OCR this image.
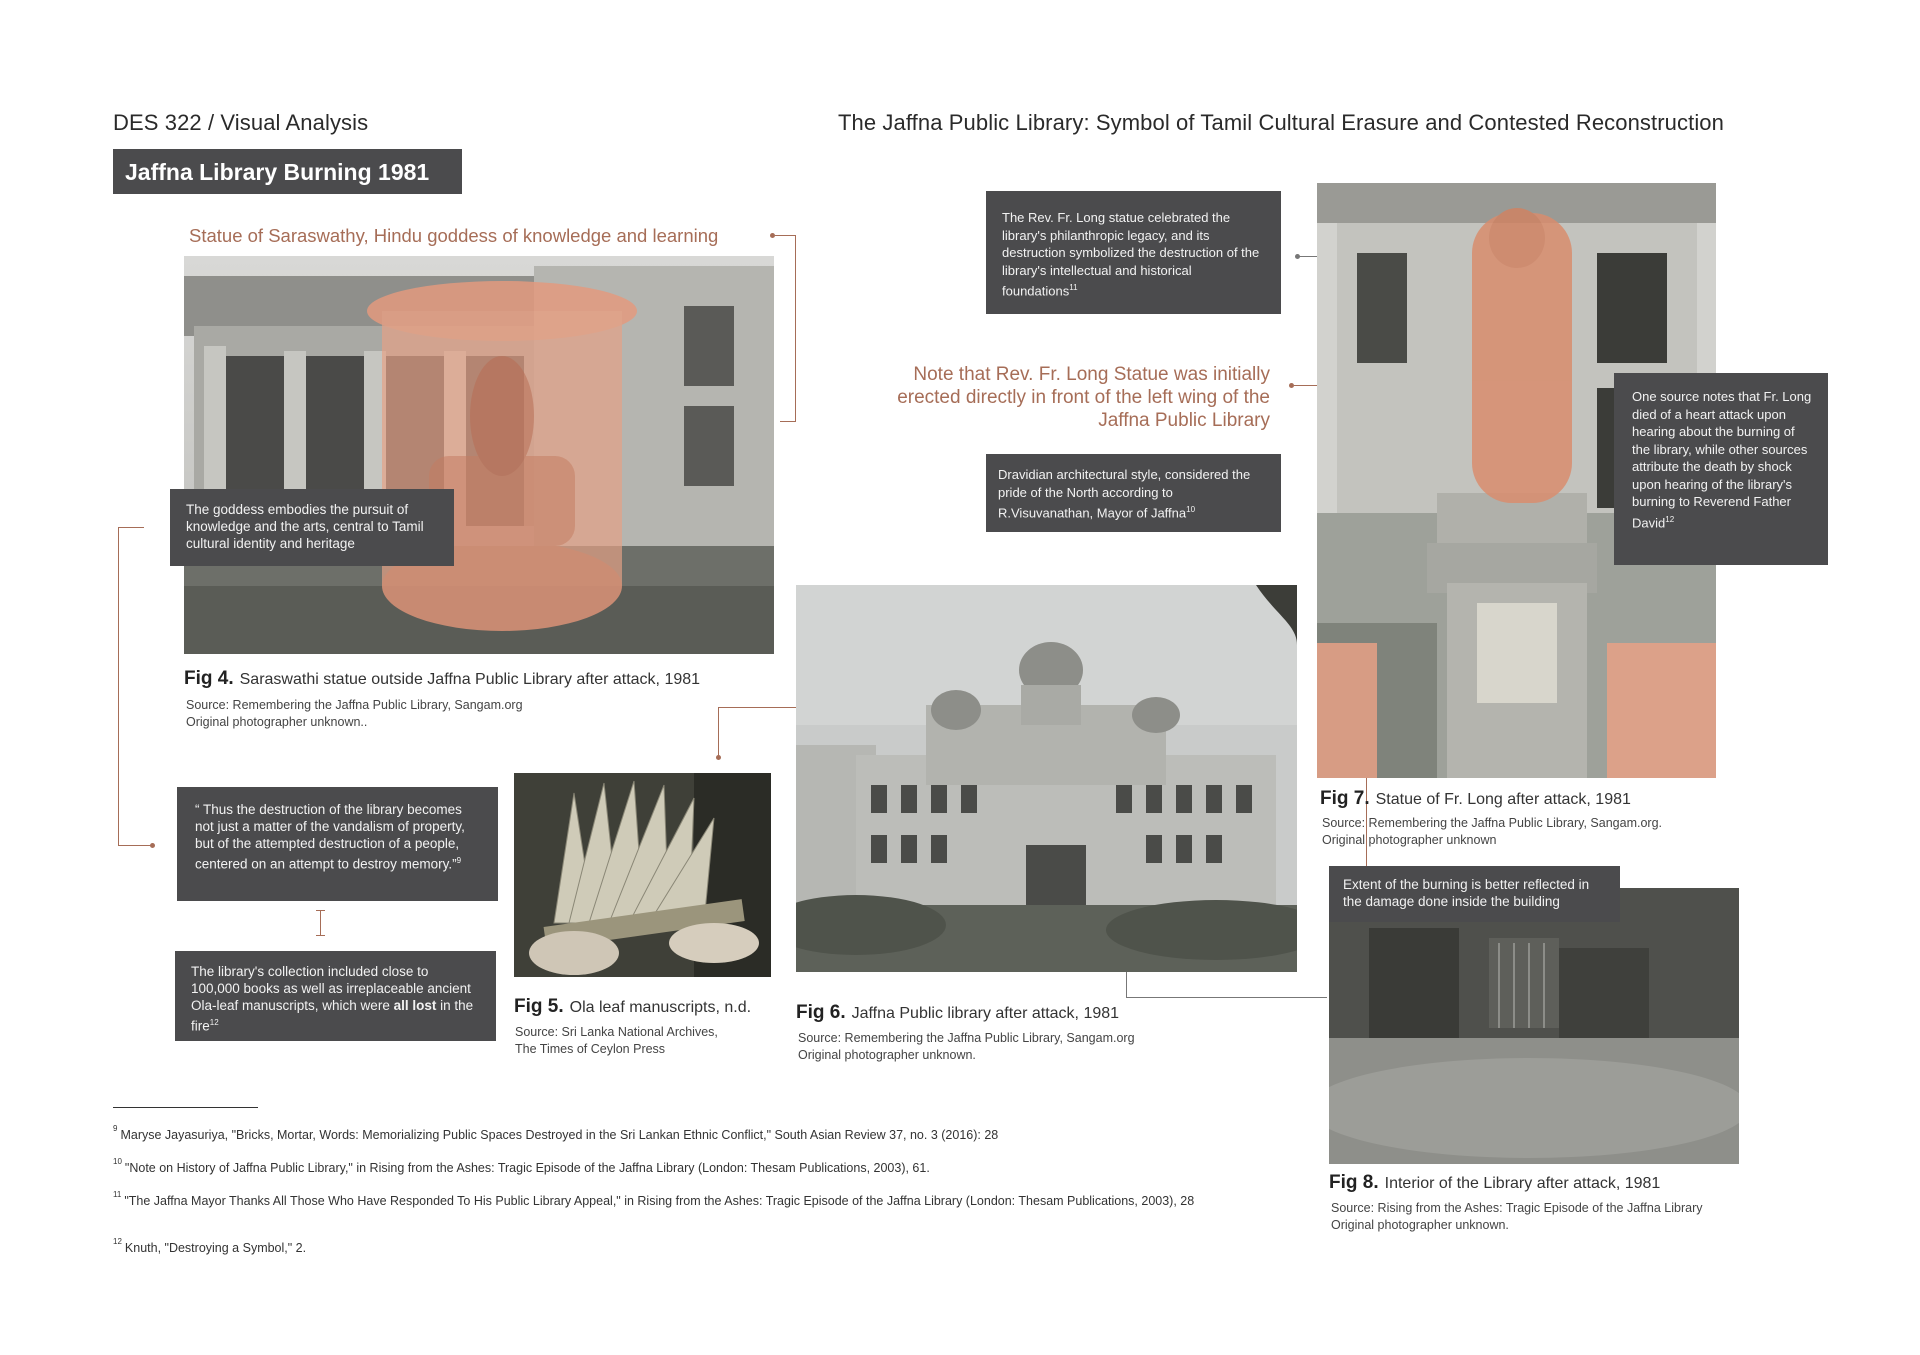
DES 322 / Visual Analysis	The Jaffna Public Library: Symbol of Tamil Cultural Erasure and Contested Reconstruction
Jaffna Library Burning 1981
Statue of Saraswathy, Hindu goddess of knowledge and learning
The goddess embodies the pursuit of knowledge and the arts, central to Tamil cultural identity and heritage
Fig 4. Saraswathi statue outside Jaffna Public Library after attack, 1981
Source: Remembering the Jaffna Public Library, Sangam.org
Original photographer unknown..
“ Thus the destruction of the library becomes not just a matter of the vandalism of property, but of the attempted destruction of a people, centered on an attempt to destroy memory.”$^9$
The library's collection included close to 100,000 books as well as irreplaceable ancient Ola-leaf manuscripts, which were all lost in the fire$^{12}$
Fig 5. Ola leaf manuscripts, n.d.
Source: Sri Lanka National Archives,
The Times of Ceylon Press
Fig 6. Jaffna Public library after attack, 1981
Source: Remembering the Jaffna Public Library, Sangam.org
Original photographer unknown.
The Rev. Fr. Long statue celebrated the library's philanthropic legacy, and its destruction symbolized the destruction of the library's intellectual and historical foundations$^{11}$
Note that Rev. Fr. Long Statue was initially erected directly in front of the left wing of the Jaffna Public Library
Dravidian architectural style, considered the pride of the North according to R.Visuvanathan, Mayor of Jaffna$^{10}$
One source notes that Fr. Long died of a heart attack upon hearing about the burning of the library, while other sources attribute the death by shock upon hearing of the library's burning to Reverend Father David$^{12}$
Fig 7. Statue of Fr. Long after attack, 1981
Source: Remembering the Jaffna Public Library, Sangam.org.
Original photographer unknown
Extent of the burning is better reflected in the damage done inside the building
Fig 8. Interior of the Library after attack, 1981
Source: Rising from the Ashes: Tragic Episode of the Jaffna Library
Original photographer unknown.
$^9$ Maryse Jayasuriya, "Bricks, Mortar, Words: Memorializing Public Spaces Destroyed in the Sri Lankan Ethnic Conflict," South Asian Review 37, no. 3 (2016): 28
$^{10}$ "Note on History of Jaffna Public Library," in Rising from the Ashes: Tragic Episode of the Jaffna Library (London: Thesam Publications, 2003), 61.
$^{11}$ "The Jaffna Mayor Thanks All Those Who Have Responded To His Public Library Appeal," in Rising from the Ashes: Tragic Episode of the Jaffna Library (London: Thesam Publications, 2003), 28
$^{12}$ Knuth, "Destroying a Symbol," 2.
